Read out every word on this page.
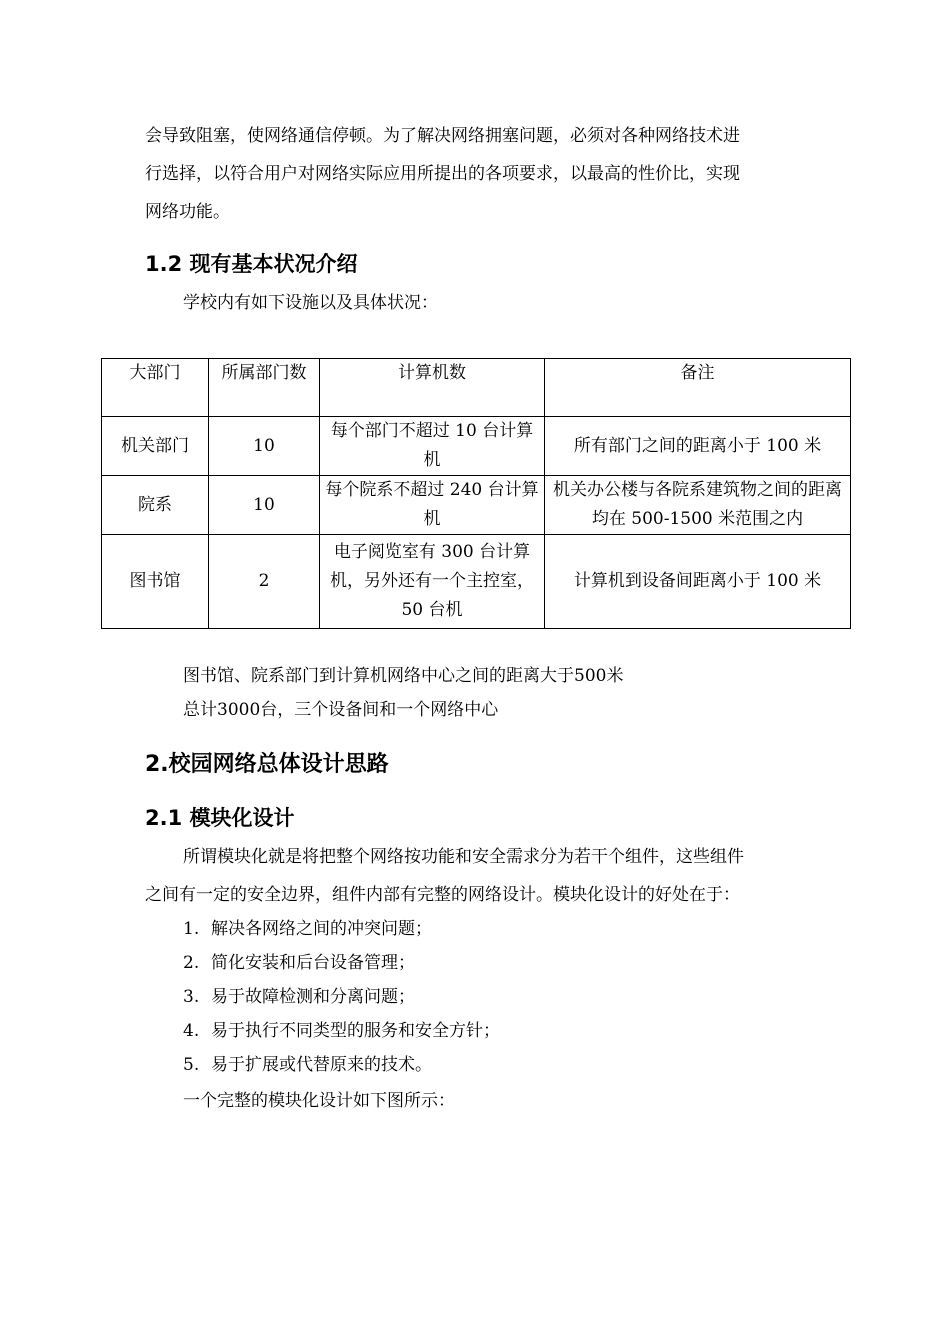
会导致阻塞，使网络通信停顿。为了解决网络拥塞问题，必须对各种网络技术进
行选择，以符合用户对网络实际应用所提出的各项要求，以最高的性价比，实现
网络功能。
1.2 现有基本状况介绍
学校内有如下设施以及具体状况：
大部门	所属部门数	计算机数	备注
机关部门	10	每个部门不超过 10 台计算机	所有部门之间的距离小于 100 米
院系	10	每个院系不超过 240 台计算机	机关办公楼与各院系建筑物之间的距离均在 500-1500 米范围之内
图书馆	2	电子阅览室有 300 台计算机，另外还有一个主控室，50 台机	计算机到设备间距离小于 100 米
图书馆、院系部门到计算机网络中心之间的距离大于500米
总计3000台，三个设备间和一个网络中心
2.校园网络总体设计思路
2.1 模块化设计
所谓模块化就是将把整个网络按功能和安全需求分为若干个组件，这些组件
之间有一定的安全边界，组件内部有完整的网络设计。模块化设计的好处在于：
1. 解决各网络之间的冲突问题；
2. 简化安装和后台设备管理；
3. 易于故障检测和分离问题；
4. 易于执行不同类型的服务和安全方针；
5. 易于扩展或代替原来的技术。
一个完整的模块化设计如下图所示：
